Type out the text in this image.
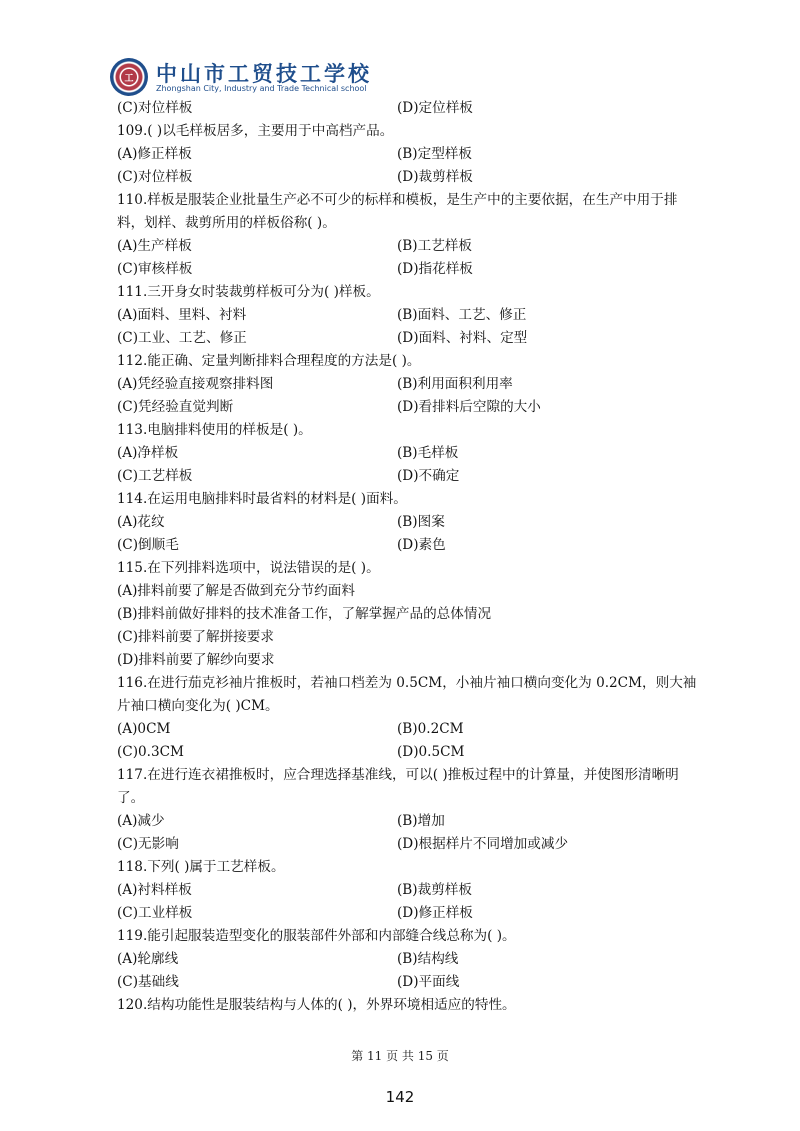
工 中山市工贸技工学校
Zhongshan City, Industry and Trade Technical school
(C)对位样板	(D)定位样板
109.( )以毛样板居多，主要用于中高档产品。
(A)修正样板	(B)定型样板
(C)对位样板	(D)裁剪样板
110.样板是服装企业批量生产必不可少的标样和模板，是生产中的主要依据，在生产中用于排料，划样、裁剪所用的样板俗称( )。
(A)生产样板	(B)工艺样板
(C)审核样板	(D)指花样板
111.三开身女时装裁剪样板可分为( )样板。
(A)面料、里料、衬料	(B)面料、工艺、修正
(C)工业、工艺、修正	(D)面料、衬料、定型
112.能正确、定量判断排料合理程度的方法是( )。
(A)凭经验直接观察排料图	(B)利用面积利用率
(C)凭经验直觉判断	(D)看排料后空隙的大小
113.电脑排料使用的样板是( )。
(A)净样板	(B)毛样板
(C)工艺样板	(D)不确定
114.在运用电脑排料时最省料的材料是( )面料。
(A)花纹	(B)图案
(C)倒顺毛	(D)素色
115.在下列排料选项中，说法错误的是( )。
(A)排料前要了解是否做到充分节约面料
(B)排料前做好排料的技术准备工作，了解掌握产品的总体情况
(C)排料前要了解拼接要求
(D)排料前要了解纱向要求
116.在进行茄克衫袖片推板时，若袖口档差为 0.5CM，小袖片袖口横向变化为 0.2CM，则大袖片袖口横向变化为( )CM。
(A)0CM	(B)0.2CM
(C)0.3CM	(D)0.5CM
117.在进行连衣裙推板时，应合理选择基准线，可以( )推板过程中的计算量，并使图形清晰明了。
(A)减少	(B)增加
(C)无影响	(D)根据样片不同增加或减少
118.下列( )属于工艺样板。
(A)衬料样板	(B)裁剪样板
(C)工业样板	(D)修正样板
119.能引起服装造型变化的服装部件外部和内部缝合线总称为( )。
(A)轮廓线	(B)结构线
(C)基础线	(D)平面线
120.结构功能性是服装结构与人体的( )，外界环境相适应的特性。
第 11 页 共 15 页
142
